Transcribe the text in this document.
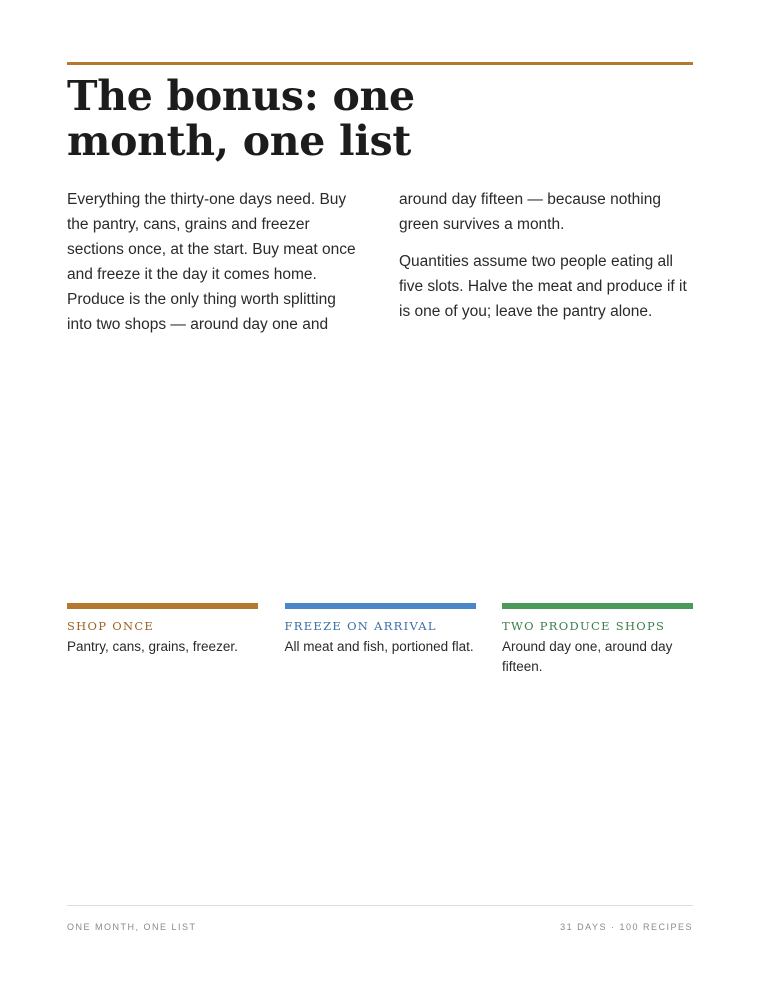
The bonus: one month, one list

Everything the thirty-one days need. Buy the pantry, cans, grains and freezer sections once, at the start. Buy meat once and freeze it the day it comes home. Produce is the only thing worth splitting into two shops — around day one and around day fifteen — because nothing green survives a month.

Quantities assume two people eating all five slots. Halve the meat and produce if it is one of you; leave the pantry alone.

SHOP ONCE
Pantry, cans, grains, freezer.
FREEZE ON ARRIVAL
All meat and fish, portioned flat.
TWO PRODUCE SHOPS
Around day one, around day fifteen.
ONE MONTH, ONE LIST	31 DAYS · 100 RECIPES
